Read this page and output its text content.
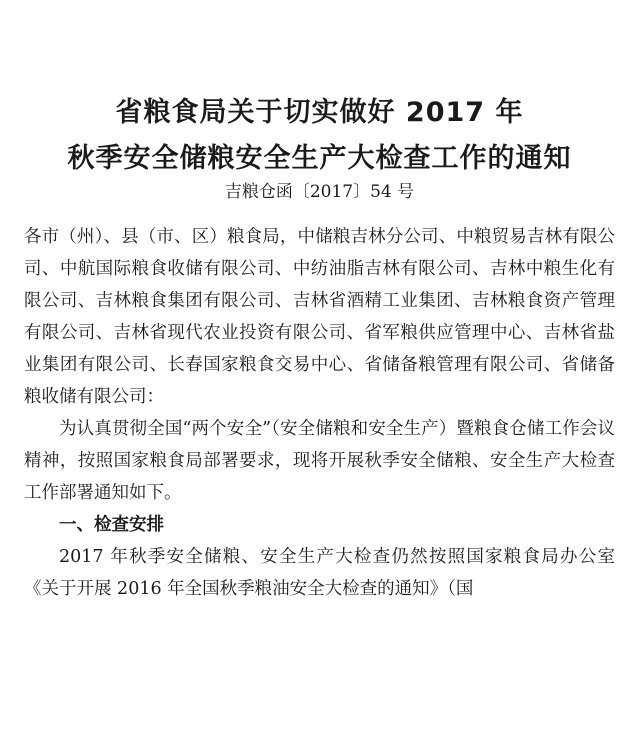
省粮食局关于切实做好 2017 年
秋季安全储粮安全生产大检查工作的通知
吉粮仓函〔2017〕54 号

各市（州）、县（市、区）粮食局，中储粮吉林分公司、中粮贸易吉林有限公司、中航国际粮食收储有限公司、中纺油脂吉林有限公司、吉林中粮生化有限公司、吉林粮食集团有限公司、吉林省酒精工业集团、吉林粮食资产管理有限公司、吉林省现代农业投资有限公司、省军粮供应管理中心、吉林省盐业集团有限公司、长春国家粮食交易中心、省储备粮管理有限公司、省储备粮收储有限公司：

为认真贯彻全国“两个安全”（安全储粮和安全生产）暨粮食仓储工作会议精神，按照国家粮食局部署要求，现将开展秋季安全储粮、安全生产大检查工作部署通知如下。

一、检查安排

2017 年秋季安全储粮、安全生产大检查仍然按照国家粮食局办公室《关于开展 2016 年全国秋季粮油安全大检查的通知》（国
